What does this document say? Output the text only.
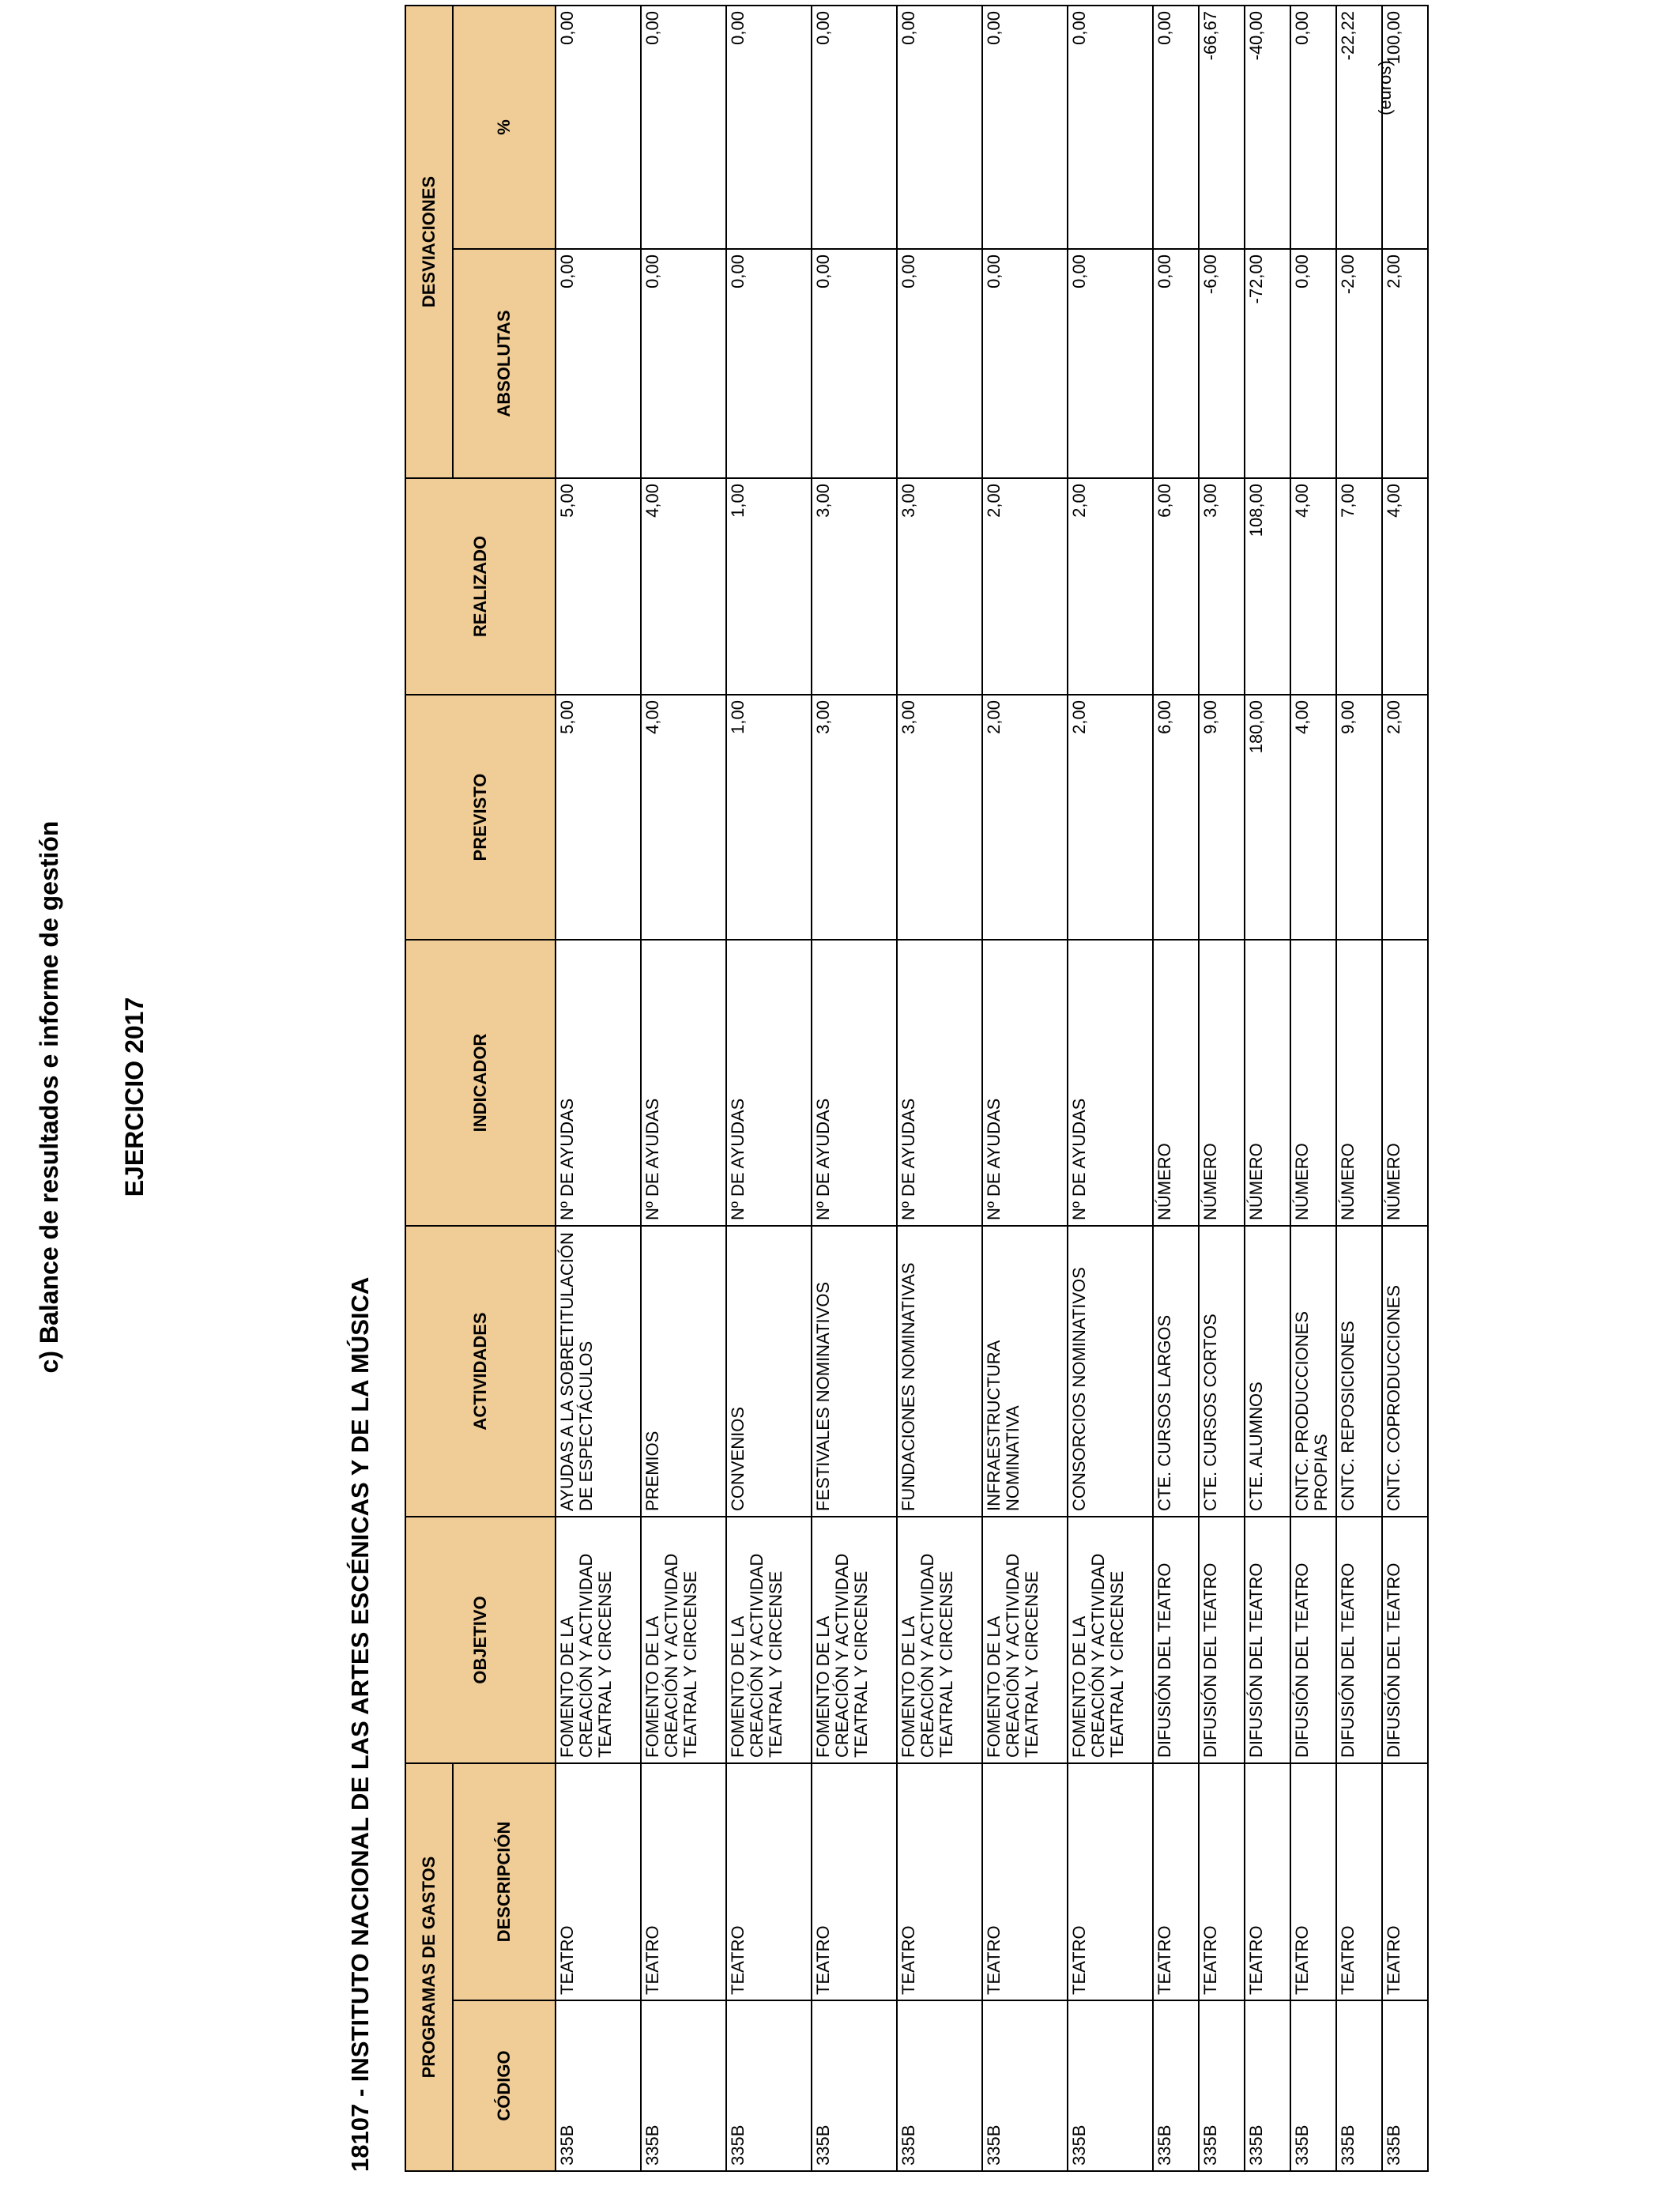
c) Balance de resultados e informe de gestión EJERCICIO 2017
18107 - INSTITUTO NACIONAL DE LAS ARTES ESCÉNICAS Y DE LA MÚSICA
(euros)
PROGRAMAS DE GASTOS		OBJETIVO	ACTIVIDADES	INDICADOR	PREVISTO	REALIZADO	DESVIACIONES	
CÓDIGO	DESCRIPCIÓN						ABSOLUTAS	%
335B	TEATRO	FOMENTO DE LA CREACIÓN Y ACTIVIDAD TEATRAL Y CIRCENSE	AYUDAS A LA SOBRETITULACIÓN DE ESPECTÁCULOS	Nº DE AYUDAS	5,00	5,00	0,00	0,00
335B	TEATRO	FOMENTO DE LA CREACIÓN Y ACTIVIDAD TEATRAL Y CIRCENSE	PREMIOS	Nº DE AYUDAS	4,00	4,00	0,00	0,00
335B	TEATRO	FOMENTO DE LA CREACIÓN Y ACTIVIDAD TEATRAL Y CIRCENSE	CONVENIOS	Nº DE AYUDAS	1,00	1,00	0,00	0,00
335B	TEATRO	FOMENTO DE LA CREACIÓN Y ACTIVIDAD TEATRAL Y CIRCENSE	FESTIVALES NOMINATIVOS	Nº DE AYUDAS	3,00	3,00	0,00	0,00
335B	TEATRO	FOMENTO DE LA CREACIÓN Y ACTIVIDAD TEATRAL Y CIRCENSE	FUNDACIONES NOMINATIVAS	Nº DE AYUDAS	3,00	3,00	0,00	0,00
335B	TEATRO	FOMENTO DE LA CREACIÓN Y ACTIVIDAD TEATRAL Y CIRCENSE	INFRAESTRUCTURA NOMINATIVA	Nº DE AYUDAS	2,00	2,00	0,00	0,00
335B	TEATRO	FOMENTO DE LA CREACIÓN Y ACTIVIDAD TEATRAL Y CIRCENSE	CONSORCIOS NOMINATIVOS	Nº DE AYUDAS	2,00	2,00	0,00	0,00
335B	TEATRO	DIFUSIÓN DEL TEATRO	CTE. CURSOS LARGOS	NÚMERO	6,00	6,00	0,00	0,00
335B	TEATRO	DIFUSIÓN DEL TEATRO	CTE. CURSOS CORTOS	NÚMERO	9,00	3,00	-6,00	-66,67
335B	TEATRO	DIFUSIÓN DEL TEATRO	CTE. ALUMNOS	NÚMERO	180,00	108,00	-72,00	-40,00
335B	TEATRO	DIFUSIÓN DEL TEATRO	CNTC. PRODUCCIONES PROPIAS	NÚMERO	4,00	4,00	0,00	0,00
335B	TEATRO	DIFUSIÓN DEL TEATRO	CNTC. REPOSICIONES	NÚMERO	9,00	7,00	-2,00	-22,22
335B	TEATRO	DIFUSIÓN DEL TEATRO	CNTC. COPRODUCCIONES	NÚMERO	2,00	4,00	2,00	100,00
